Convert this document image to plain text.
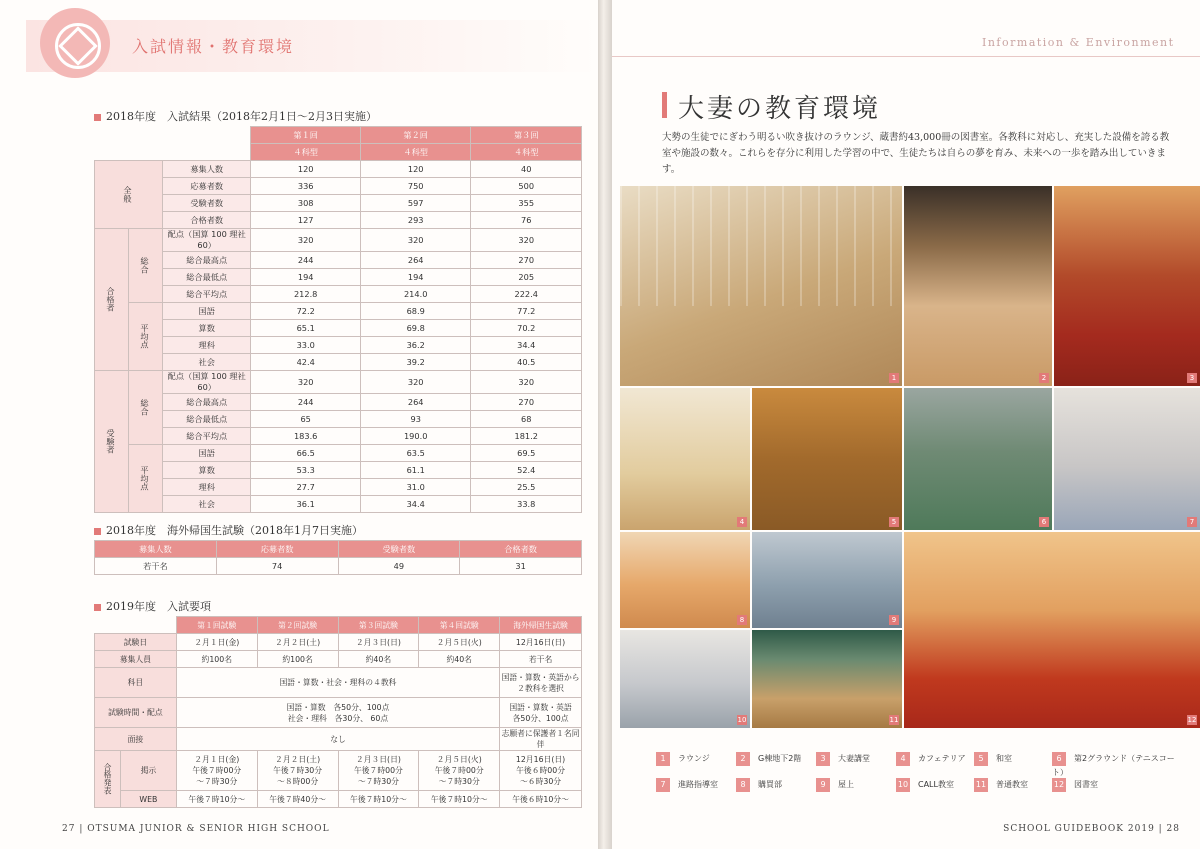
入試情報・教育環境
2018年度　入試結果（2018年2月1日～2月3日実施）
			第１回	第２回	第３回
			４科型	４科型	４科型
全般		募集人数	120	120	40
		応募者数	336	750	500
		受験者数	308	597	355
		合格者数	127	293	76
合格者	総合	配点（国算 100 理社 60）	320	320	320
		総合最高点	244	264	270
		総合最低点	194	194	205
		総合平均点	212.8	214.0	222.4
	平均点	国語	72.2	68.9	77.2
		算数	65.1	69.8	70.2
		理科	33.0	36.2	34.4
		社会	42.4	39.2	40.5
受験者	総合	配点（国算 100 理社 60）	320	320	320
		総合最高点	244	264	270
		総合最低点	65	93	68
		総合平均点	183.6	190.0	181.2
	平均点	国語	66.5	63.5	69.5
		算数	53.3	61.1	52.4
		理科	27.7	31.0	25.5
		社会	36.1	34.4	33.8
2018年度　海外帰国生試験（2018年1月7日実施）
募集人数	応募者数	受験者数	合格者数
若干名	74	49	31
2019年度　入試要項
		第１回試験	第２回試験	第３回試験	第４回試験	海外帰国生試験
試験日		２月１日(金)	２月２日(土)	２月３日(日)	２月５日(火)	12月16日(日)
募集人員		約100名	約100名	約40名	約40名	若干名
科目		国語・算数・社会・理科の４教科				国語・算数・英語から
２教科を選択
試験時間・配点		国語・算数　各50分、100点
社会・理科　各30分、 60点				国語・算数・英語
各50分、100点
面接		なし				志願者に保護者１名同伴
合格発表	掲示	２月１日(金)
午後７時00分
～７時30分	２月２日(土)
午後７時30分
～８時00分	２月３日(日)
午後７時00分
～７時30分	２月５日(火)
午後７時00分
～７時30分	12月16日(日)
午後６時00分
～６時30分
	WEB	午後７時10分～	午後７時40分～	午後７時10分～	午後７時10分～	午後６時10分～
27 | OTSUMA JUNIOR & SENIOR HIGH SCHOOL
Information & Environment
大妻の教育環境
大勢の生徒でにぎわう明るい吹き抜けのラウンジ、蔵書約43,000冊の図書室。各教科に対応し、充実した設備を誇る教室や施設の数々。これらを存分に利用した学習の中で、生徒たちは自らの夢を育み、未来への一歩を踏み出していきます。
1	2	3
4	5	6	7
8	9
12
10	11
1 ラウンジ	2 G棟地下2階	3 大妻講堂	4 カフェテリア	5 和室	6 第2グラウンド（テニスコート）
7 進路指導室	8 購買部	9 屋上	10 CALL教室	11 普通教室	12 図書室
SCHOOL GUIDEBOOK 2019 | 28
